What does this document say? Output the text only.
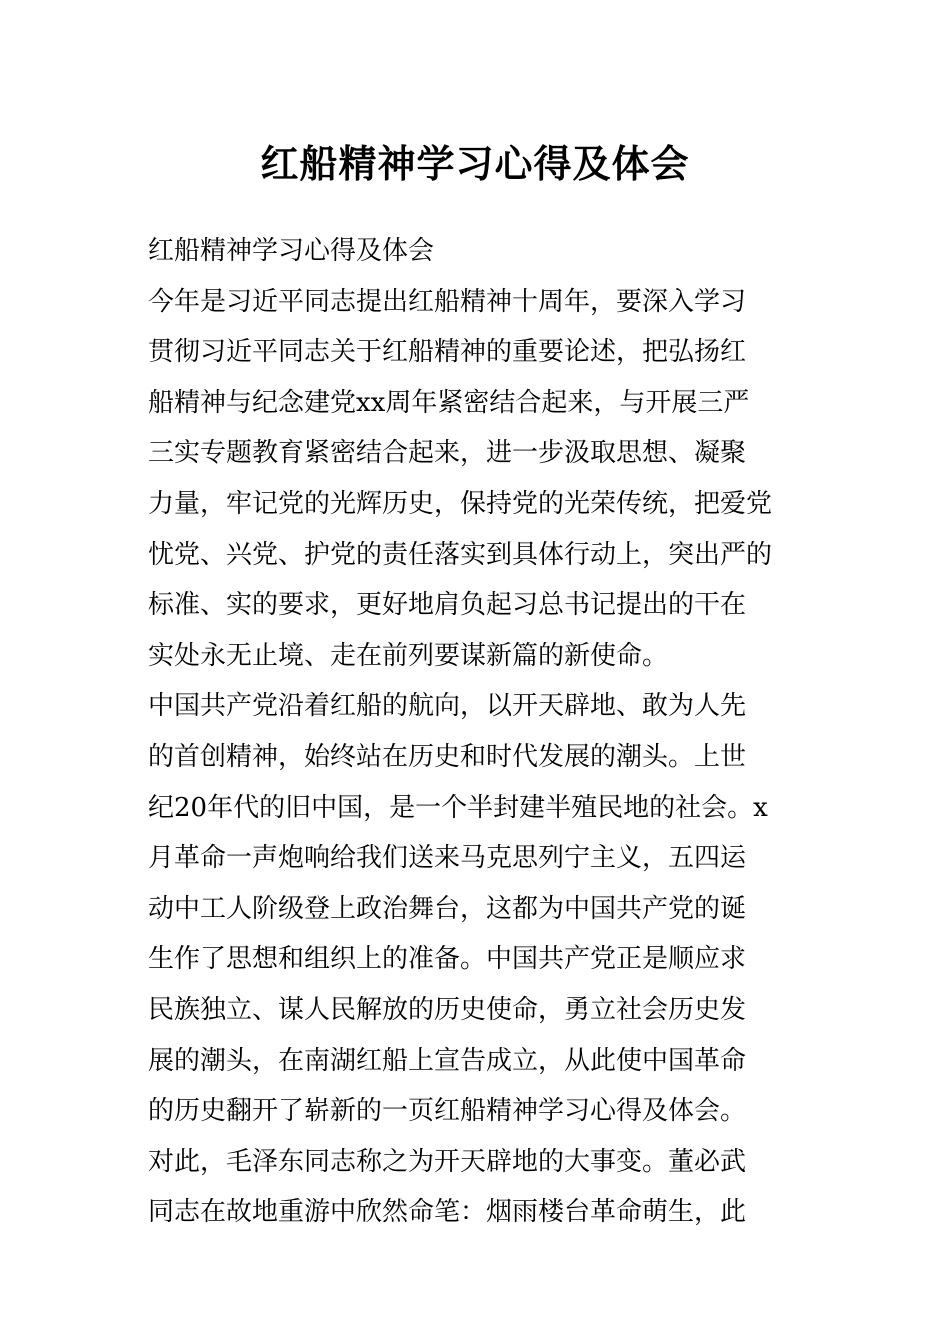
红船精神学习心得及体会
红船精神学习心得及体会
今年是习近平同志提出红船精神十周年，要深入学习
贯彻习近平同志关于红船精神的重要论述，把弘扬红
船精神与纪念建党xx周年紧密结合起来，与开展三严
三实专题教育紧密结合起来，进一步汲取思想、凝聚
力量，牢记党的光辉历史，保持党的光荣传统，把爱党
忧党、兴党、护党的责任落实到具体行动上，突出严的
标准、实的要求，更好地肩负起习总书记提出的干在
实处永无止境、走在前列要谋新篇的新使命。
中国共产党沿着红船的航向，以开天辟地、敢为人先
的首创精神，始终站在历史和时代发展的潮头。上世
纪20年代的旧中国，是一个半封建半殖民地的社会。x
月革命一声炮响给我们送来马克思列宁主义，五四运
动中工人阶级登上政治舞台，这都为中国共产党的诞
生作了思想和组织上的准备。中国共产党正是顺应求
民族独立、谋人民解放的历史使命，勇立社会历史发
展的潮头，在南湖红船上宣告成立，从此使中国革命
的历史翻开了崭新的一页红船精神学习心得及体会。
对此，毛泽东同志称之为开天辟地的大事变。董必武
同志在故地重游中欣然命笔：烟雨楼台革命萌生，此
